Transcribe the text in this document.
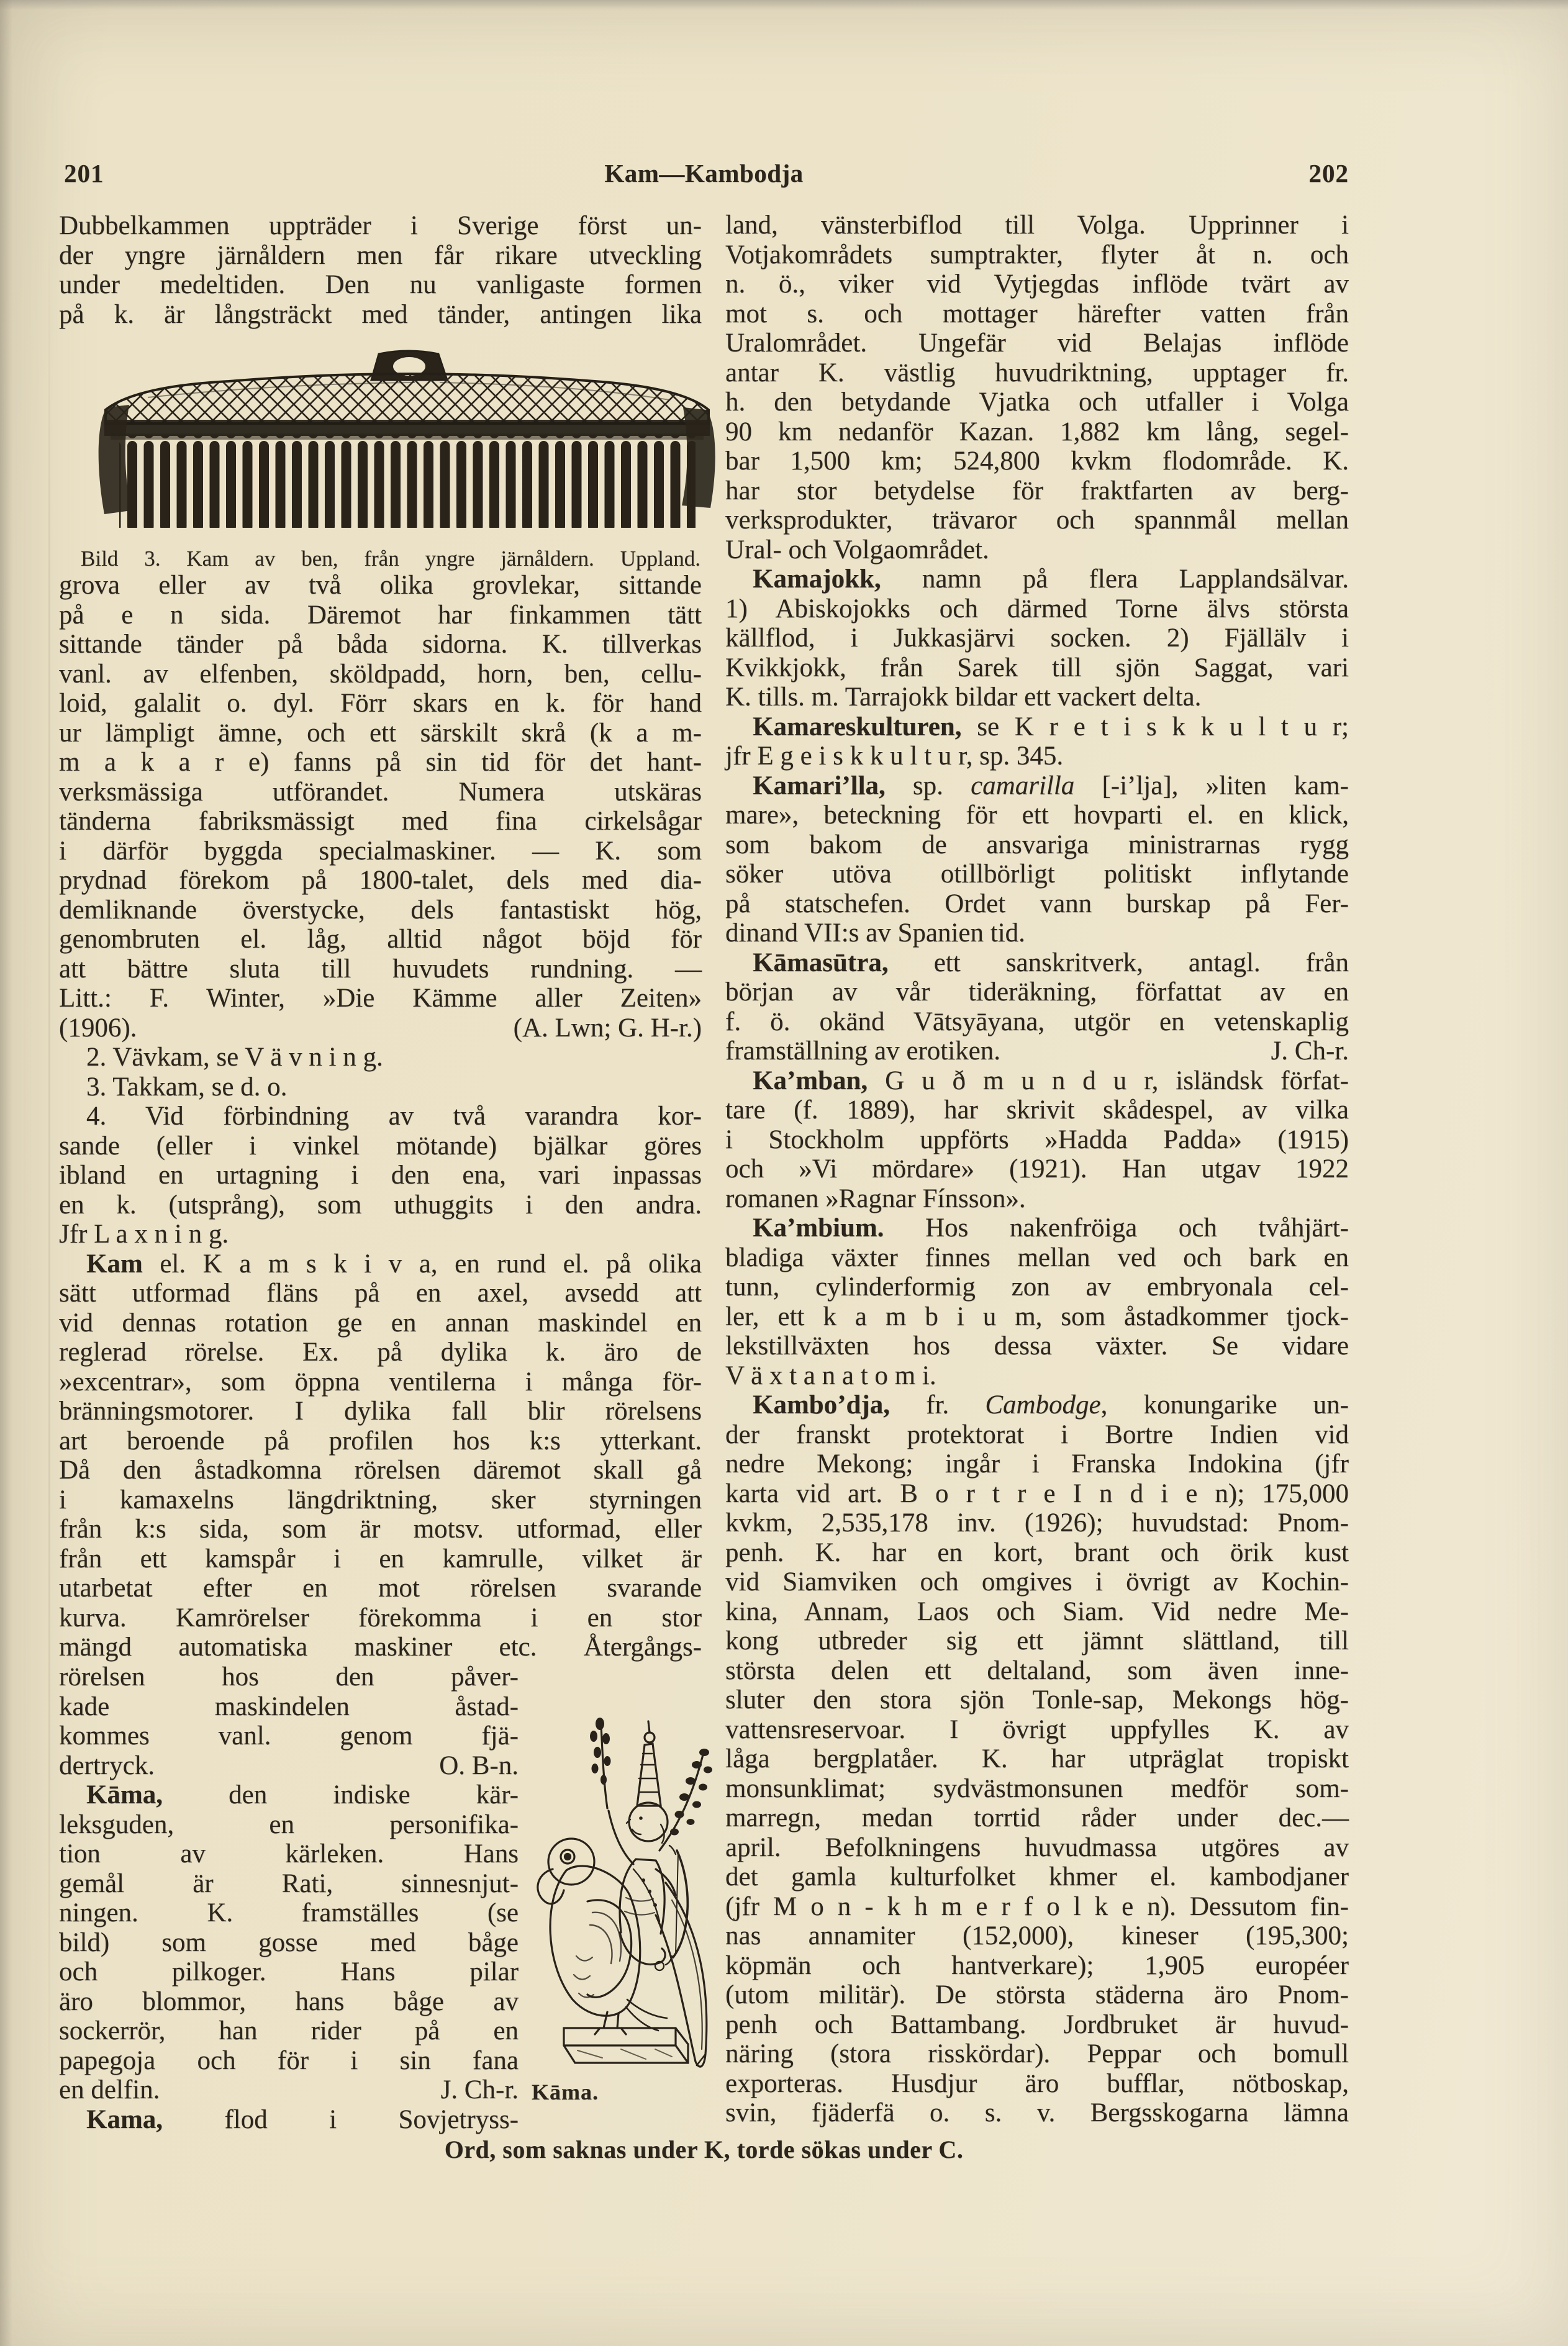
201	Kam—Kambodja	202
Dubbelkammen uppträder i Sverige först un-
der yngre järnåldern men får rikare utveckling
under medeltiden. Den nu vanligaste formen
på k. är långsträckt med tänder, antingen lika
Bild 3. Kam av ben, från yngre järnåldern. Uppland.
grova eller av två olika grovlekar, sittande
på e n sida. Däremot har finkammen tätt
sittande tänder på båda sidorna. K. tillverkas
vanl. av elfenben, sköldpadd, horn, ben, cellu-
loid, galalit o. dyl. Förr skars en k. för hand
ur lämpligt ämne, och ett särskilt skrå (k a m-
m a k a r e) fanns på sin tid för det hant-
verksmässiga utförandet. Numera utskäras
tänderna fabriksmässigt med fina cirkelsågar
i därför byggda specialmaskiner. — K. som
prydnad förekom på 1800-talet, dels med dia-
demliknande överstycke, dels fantastiskt hög,
genombruten el. låg, alltid något böjd för
att bättre sluta till huvudets rundning. —
Litt.: F. Winter, »Die Kämme aller Zeiten»
(1906).	(A. Lwn; G. H-r.)
2. Vävkam, se V ä v n i n g.
3. Takkam, se d. o.
4. Vid förbindning av två varandra kor-
sande (eller i vinkel mötande) bjälkar göres
ibland en urtagning i den ena, vari inpassas
en k. (utsprång), som uthuggits i den andra.
Jfr L a x n i n g.
Kam el. K a m s k i v a, en rund el. på olika
sätt utformad fläns på en axel, avsedd att
vid dennas rotation ge en annan maskindel en
reglerad rörelse. Ex. på dylika k. äro de
»excentrar», som öppna ventilerna i många för-
bränningsmotorer. I dylika fall blir rörelsens
art beroende på profilen hos k:s ytterkant.
Då den åstadkomna rörelsen däremot skall gå
i kamaxelns längdriktning, sker styrningen
från k:s sida, som är motsv. utformad, eller
från ett kamspår i en kamrulle, vilket är
utarbetat efter en mot rörelsen svarande
kurva. Kamrörelser förekomma i en stor
mängd automatiska maskiner etc. Återgångs-
rörelsen hos den påver-
kade maskindelen åstad-
kommes vanl. genom fjä-
dertryck.	O. B-n.
Kāma, den indiske kär-
leksguden, en personifika-
tion av kärleken. Hans
gemål är Rati, sinnesnjut-
ningen. K. framställes (se
bild) som gosse med båge
och pilkoger. Hans pilar
äro blommor, hans båge av
sockerrör, han rider på en
papegoja och för i sin fana
en delfin.	J. Ch-r.
Kama, flod i Sovjetryss-
Kāma.
land, vänsterbiflod till Volga. Upprinner i
Votjakområdets sumptrakter, flyter åt n. och
n. ö., viker vid Vytjegdas inflöde tvärt av
mot s. och mottager härefter vatten från
Uralområdet. Ungefär vid Belajas inflöde
antar K. västlig huvudriktning, upptager fr.
h. den betydande Vjatka och utfaller i Volga
90 km nedanför Kazan. 1,882 km lång, segel-
bar 1,500 km; 524,800 kvkm flodområde. K.
har stor betydelse för fraktfarten av berg-
verksprodukter, trävaror och spannmål mellan
Ural- och Volgaområdet.
Kamajokk, namn på flera Lapplandsälvar.
1) Abiskojokks och därmed Torne älvs största
källflod, i Jukkasjärvi socken. 2) Fjällälv i
Kvikkjokk, från Sarek till sjön Saggat, vari
K. tills. m. Tarrajokk bildar ett vackert delta.
Kamareskulturen, se K r e t i s k k u l t u r;
jfr E g e i s k k u l t u r, sp. 345.
Kamari’lla, sp. camarilla [-i’lja], »liten kam-
mare», beteckning för ett hovparti el. en klick,
som bakom de ansvariga ministrarnas rygg
söker utöva otillbörligt politiskt inflytande
på statschefen. Ordet vann burskap på Fer-
dinand VII:s av Spanien tid.
Kāmasūtra, ett sanskritverk, antagl. från
början av vår tideräkning, författat av en
f. ö. okänd Vātsyāyana, utgör en vetenskaplig
framställning av erotiken.	J. Ch-r.
Ka’mban, G u ð m u n d u r, isländsk förfat-
tare (f. 1889), har skrivit skådespel, av vilka
i Stockholm uppförts »Hadda Padda» (1915)
och »Vi mördare» (1921). Han utgav 1922
romanen »Ragnar Fínsson».
Ka’mbium. Hos nakenfröiga och tvåhjärt-
bladiga växter finnes mellan ved och bark en
tunn, cylinderformig zon av embryonala cel-
ler, ett k a m b i u m, som åstadkommer tjock-
lekstillväxten hos dessa växter. Se vidare
V ä x t a n a t o m i.
Kambo’dja, fr. Cambodge, konungarike un-
der franskt protektorat i Bortre Indien vid
nedre Mekong; ingår i Franska Indokina (jfr
karta vid art. B o r t r e I n d i e n); 175,000
kvkm, 2,535,178 inv. (1926); huvudstad: Pnom-
penh. K. har en kort, brant och örik kust
vid Siamviken och omgives i övrigt av Kochin-
kina, Annam, Laos och Siam. Vid nedre Me-
kong utbreder sig ett jämnt slättland, till
största delen ett deltaland, som även inne-
sluter den stora sjön Tonle-sap, Mekongs hög-
vattensreservoar. I övrigt uppfylles K. av
låga bergplatåer. K. har utpräglat tropiskt
monsunklimat; sydvästmonsunen medför som-
marregn, medan torrtid råder under dec.—
april. Befolkningens huvudmassa utgöres av
det gamla kulturfolket khmer el. kambodjaner
(jfr M o n - k h m e r f o l k e n). Dessutom fin-
nas annamiter (152,000), kineser (195,300;
köpmän och hantverkare); 1,905 européer
(utom militär). De största städerna äro Pnom-
penh och Battambang. Jordbruket är huvud-
näring (stora risskördar). Peppar och bomull
exporteras. Husdjur äro bufflar, nötboskap,
svin, fjäderfä o. s. v. Bergsskogarna lämna
Ord, som saknas under K, torde sökas under C.
